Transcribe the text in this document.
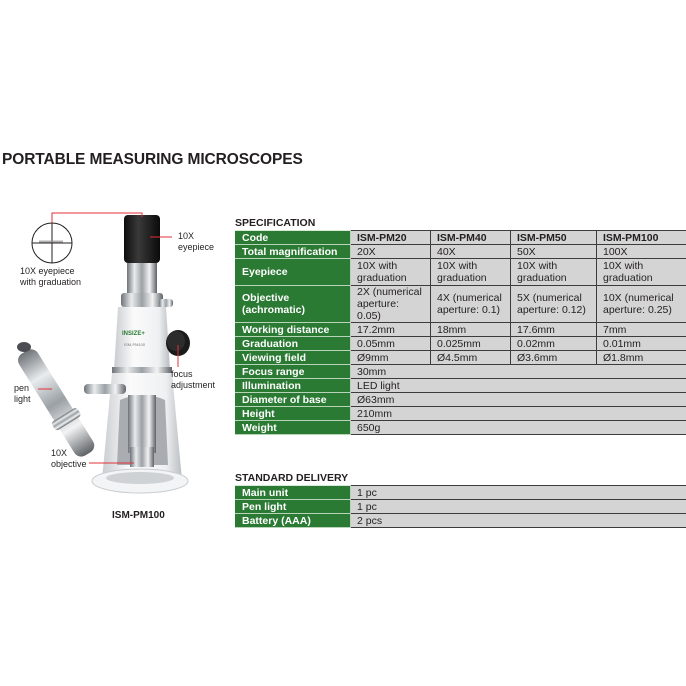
PORTABLE MEASURING MICROSCOPES
INSIZE+
ISM-PM100
10X eyepiece
with graduation
10X
eyepiece
focus
adjustment
pen
light
10X
objective
ISM-PM100
SPECIFICATION
Code	ISM-PM20	ISM-PM40	ISM-PM50	ISM-PM100
Total magnification	20X	40X	50X	100X
Eyepiece	10X with graduation	10X with graduation	10X with graduation	10X with graduation
Objective (achromatic)	2X (numerical aperture: 0.05)	4X (numerical aperture: 0.1)	5X (numerical aperture: 0.12)	10X (numerical aperture: 0.25)
Working distance	17.2mm	18mm	17.6mm	7mm
Graduation	0.05mm	0.025mm	0.02mm	0.01mm
Viewing field	Ø9mm	Ø4.5mm	Ø3.6mm	Ø1.8mm
Focus range	30mm			
Illumination	LED light			
Diameter of base	Ø63mm			
Height	210mm			
Weight	650g			
STANDARD DELIVERY
Main unit	1 pc
Pen light	1 pc
Battery (AAA)	2 pcs
